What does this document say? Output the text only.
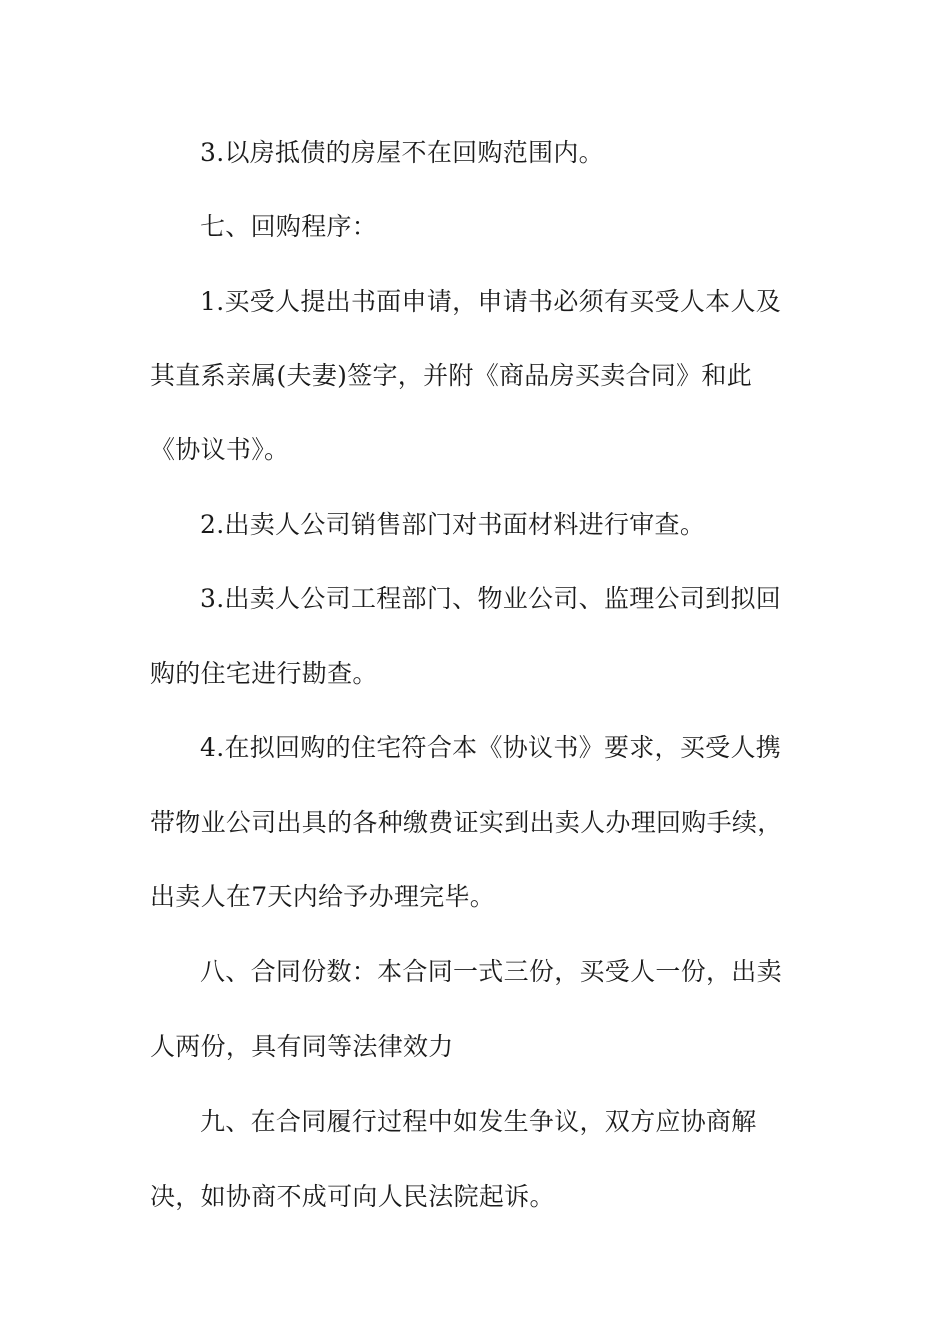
3.以房抵债的房屋不在回购范围内。
七、回购程序：
1.买受人提出书面申请，申请书必须有买受人本人及
其直系亲属(夫妻)签字，并附《商品房买卖合同》和此
《协议书》。
2.出卖人公司销售部门对书面材料进行审查。
3.出卖人公司工程部门、物业公司、监理公司到拟回
购的住宅进行勘查。
4.在拟回购的住宅符合本《协议书》要求，买受人携
带物业公司出具的各种缴费证实到出卖人办理回购手续，
出卖人在7天内给予办理完毕。
八、合同份数：本合同一式三份，买受人一份，出卖
人两份，具有同等法律效力
九、在合同履行过程中如发生争议，双方应协商解
决，如协商不成可向人民法院起诉。
